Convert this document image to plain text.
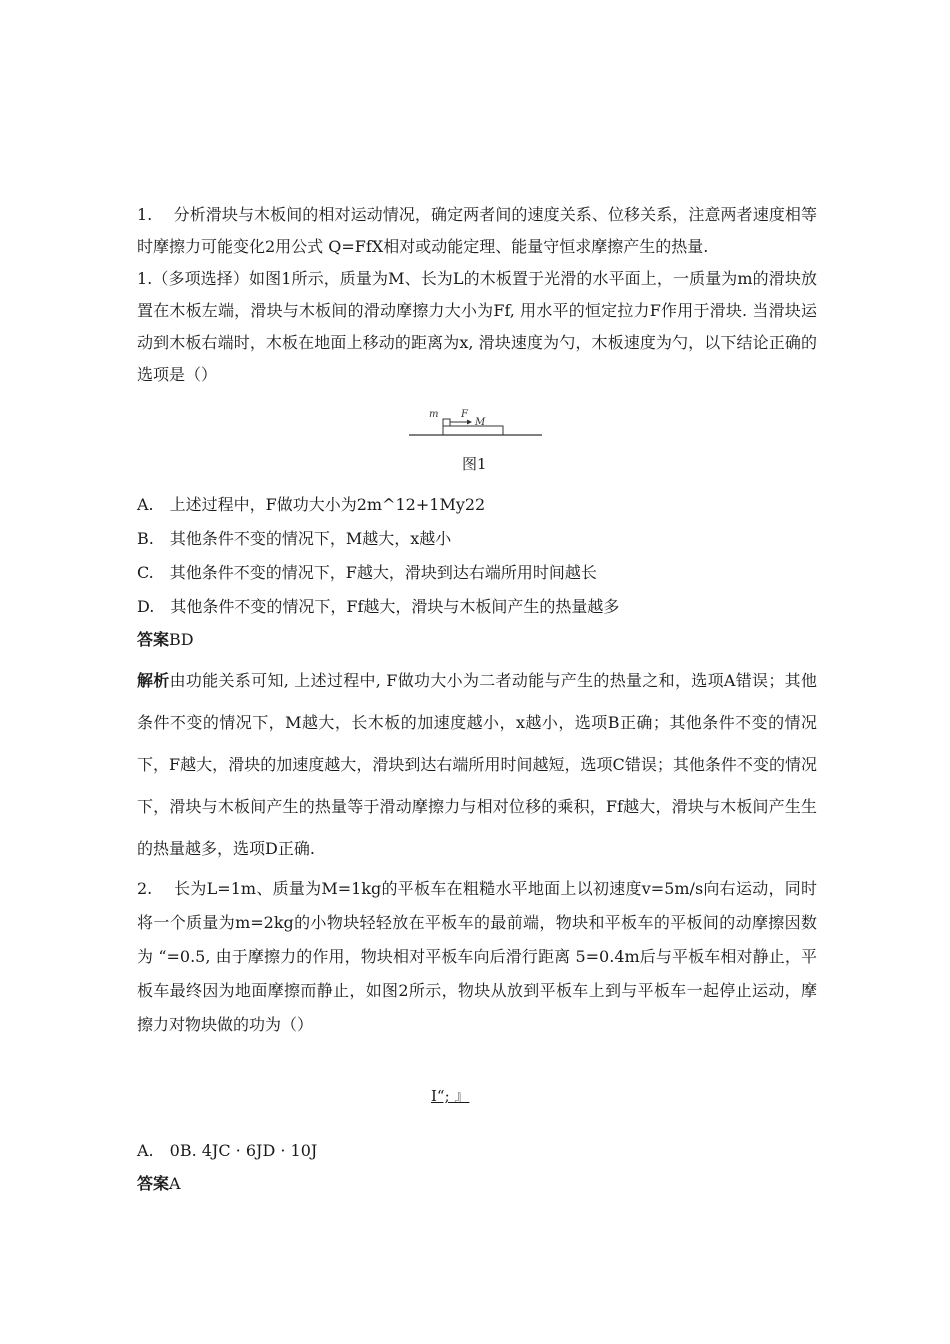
1.　 分析滑块与木板间的相对运动情况，确定两者间的速度关系、位移关系，注意两者速度相等时摩擦力可能变化2用公式 Q=FfX相对或动能定理、能量守恒求摩擦产生的热量.
1.（多项选择）如图1所示，质量为M、长为L的木板置于光滑的水平面上，一质量为m的滑块放置在木板左端，滑块与木板间的滑动摩擦力大小为Ff, 用水平的恒定拉力F作用于滑块. 当滑块运动到木板右端时，木板在地面上移动的距离为x, 滑块速度为勺，木板速度为勺，以下结论正确的选项是（）
m F
M
图1
A.　上述过程中，F做功大小为2m^12+1My22
B.　其他条件不变的情况下，M越大，x越小
C.　其他条件不变的情况下，F越大，滑块到达右端所用时间越长
D.　其他条件不变的情况下，Ff越大，滑块与木板间产生的热量越多
答案BD
解析由功能关系可知, 上述过程中, F做功大小为二者动能与产生的热量之和，选项A错误；其他条件不变的情况下，M越大，长木板的加速度越小，x越小，选项B正确；其他条件不变的情况下，F越大，滑块的加速度越大，滑块到达右端所用时间越短，选项C错误；其他条件不变的情况下，滑块与木板间产生的热量等于滑动摩擦力与相对位移的乘积，Ff越大，滑块与木板间产生生的热量越多，选项D正确.
2.　 长为L=1m、质量为M=1kg的平板车在粗糙水平地面上以初速度v=5m/s向右运动，同时将一个质量为m=2kg的小物块轻轻放在平板车的最前端，物块和平板车的平板间的动摩擦因数为 “=0.5, 由于摩擦力的作用，物块相对平板车向后滑行距离 5=0.4m后与平板车相对静止，平板车最终因为地面摩擦而静止，如图2所示，物块从放到平板车上到与平板车一起停止运动，摩擦力对物块做的功为（）
I“; 』
A.　0B. 4JC · 6JD · 10J
答案A
